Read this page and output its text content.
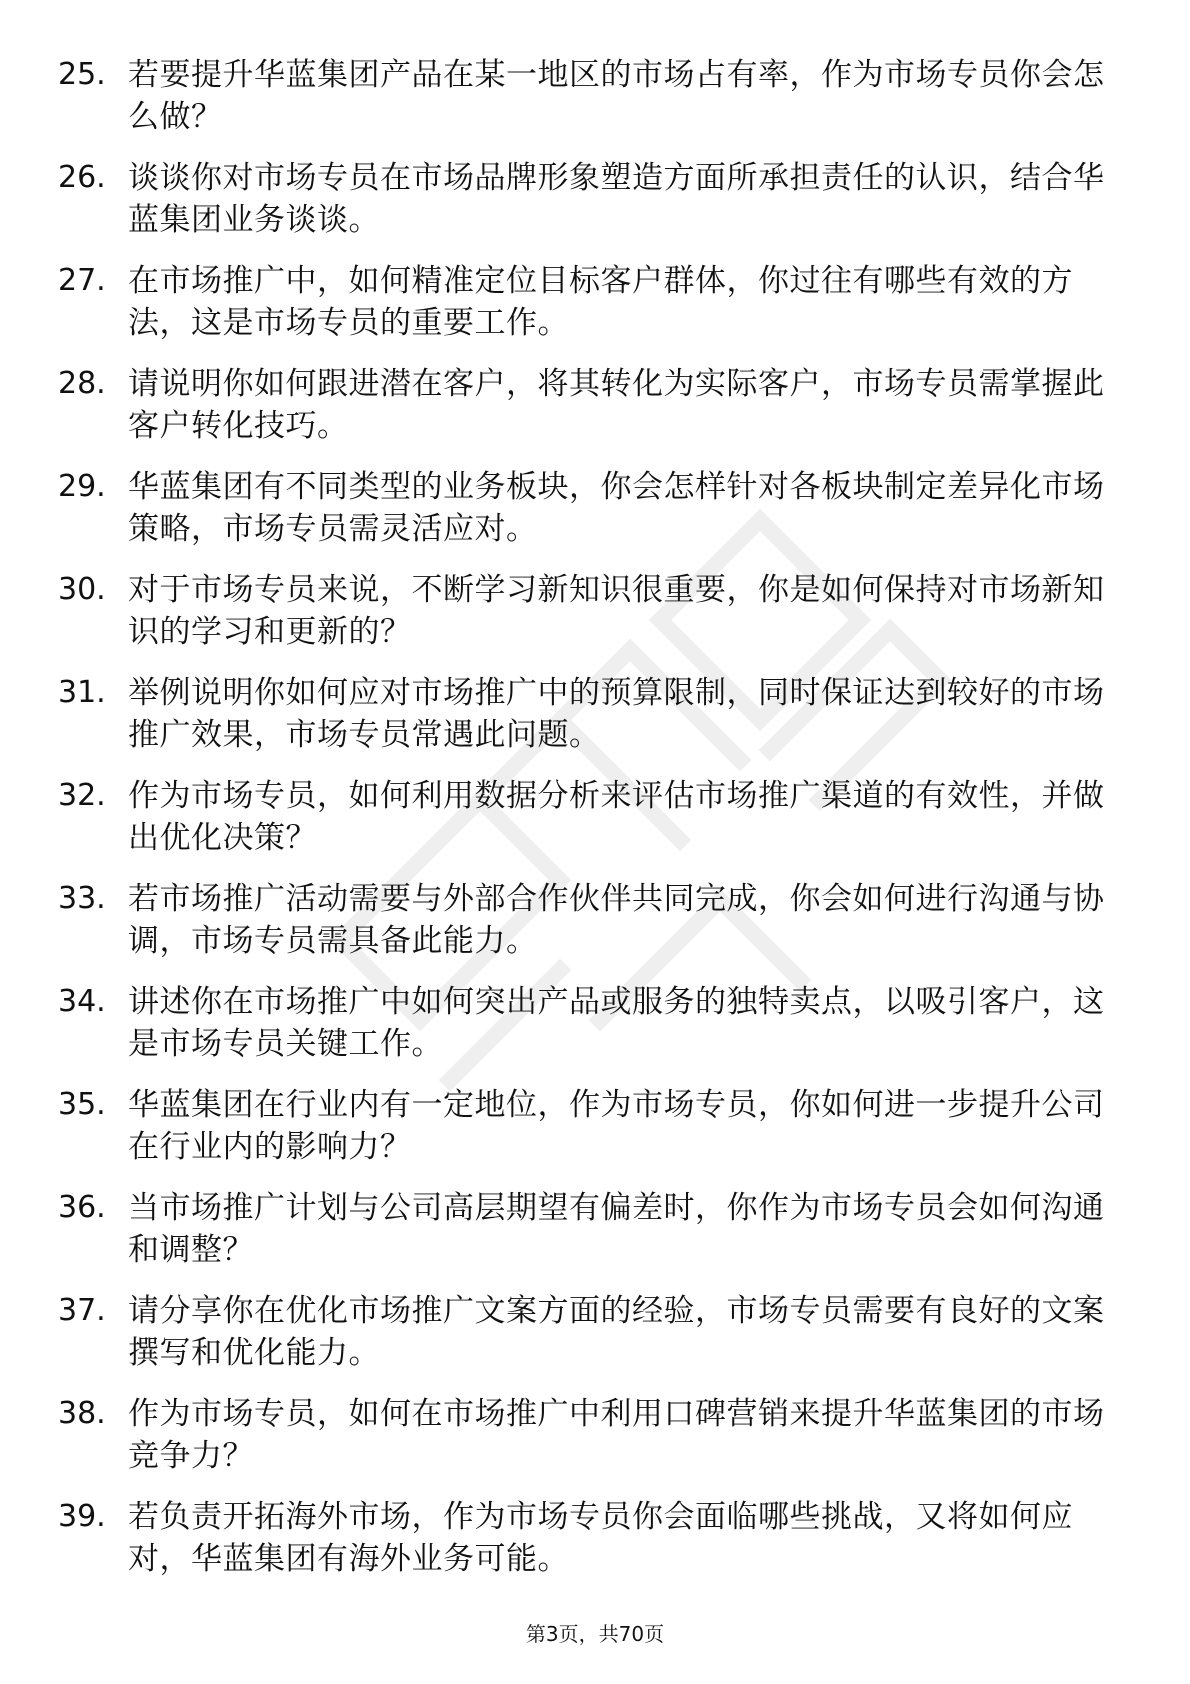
25. 若要提升华蓝集团产品在某一地区的市场占有率，作为市场专员你会怎么做？
26. 谈谈你对市场专员在市场品牌形象塑造方面所承担责任的认识，结合华蓝集团业务谈谈。
27. 在市场推广中，如何精准定位目标客户群体，你过往有哪些有效的方法，这是市场专员的重要工作。
28. 请说明你如何跟进潜在客户，将其转化为实际客户，市场专员需掌握此客户转化技巧。
29. 华蓝集团有不同类型的业务板块，你会怎样针对各板块制定差异化市场策略，市场专员需灵活应对。
30. 对于市场专员来说，不断学习新知识很重要，你是如何保持对市场新知识的学习和更新的？
31. 举例说明你如何应对市场推广中的预算限制，同时保证达到较好的市场推广效果，市场专员常遇此问题。
32. 作为市场专员，如何利用数据分析来评估市场推广渠道的有效性，并做出优化决策？
33. 若市场推广活动需要与外部合作伙伴共同完成，你会如何进行沟通与协调，市场专员需具备此能力。
34. 讲述你在市场推广中如何突出产品或服务的独特卖点，以吸引客户，这是市场专员关键工作。
35. 华蓝集团在行业内有一定地位，作为市场专员，你如何进一步提升公司在行业内的影响力？
36. 当市场推广计划与公司高层期望有偏差时，你作为市场专员会如何沟通和调整？
37. 请分享你在优化市场推广文案方面的经验，市场专员需要有良好的文案撰写和优化能力。
38. 作为市场专员，如何在市场推广中利用口碑营销来提升华蓝集团的市场竞争力？
39. 若负责开拓海外市场，作为市场专员你会面临哪些挑战，又将如何应对，华蓝集团有海外业务可能。
第3页，共70页
